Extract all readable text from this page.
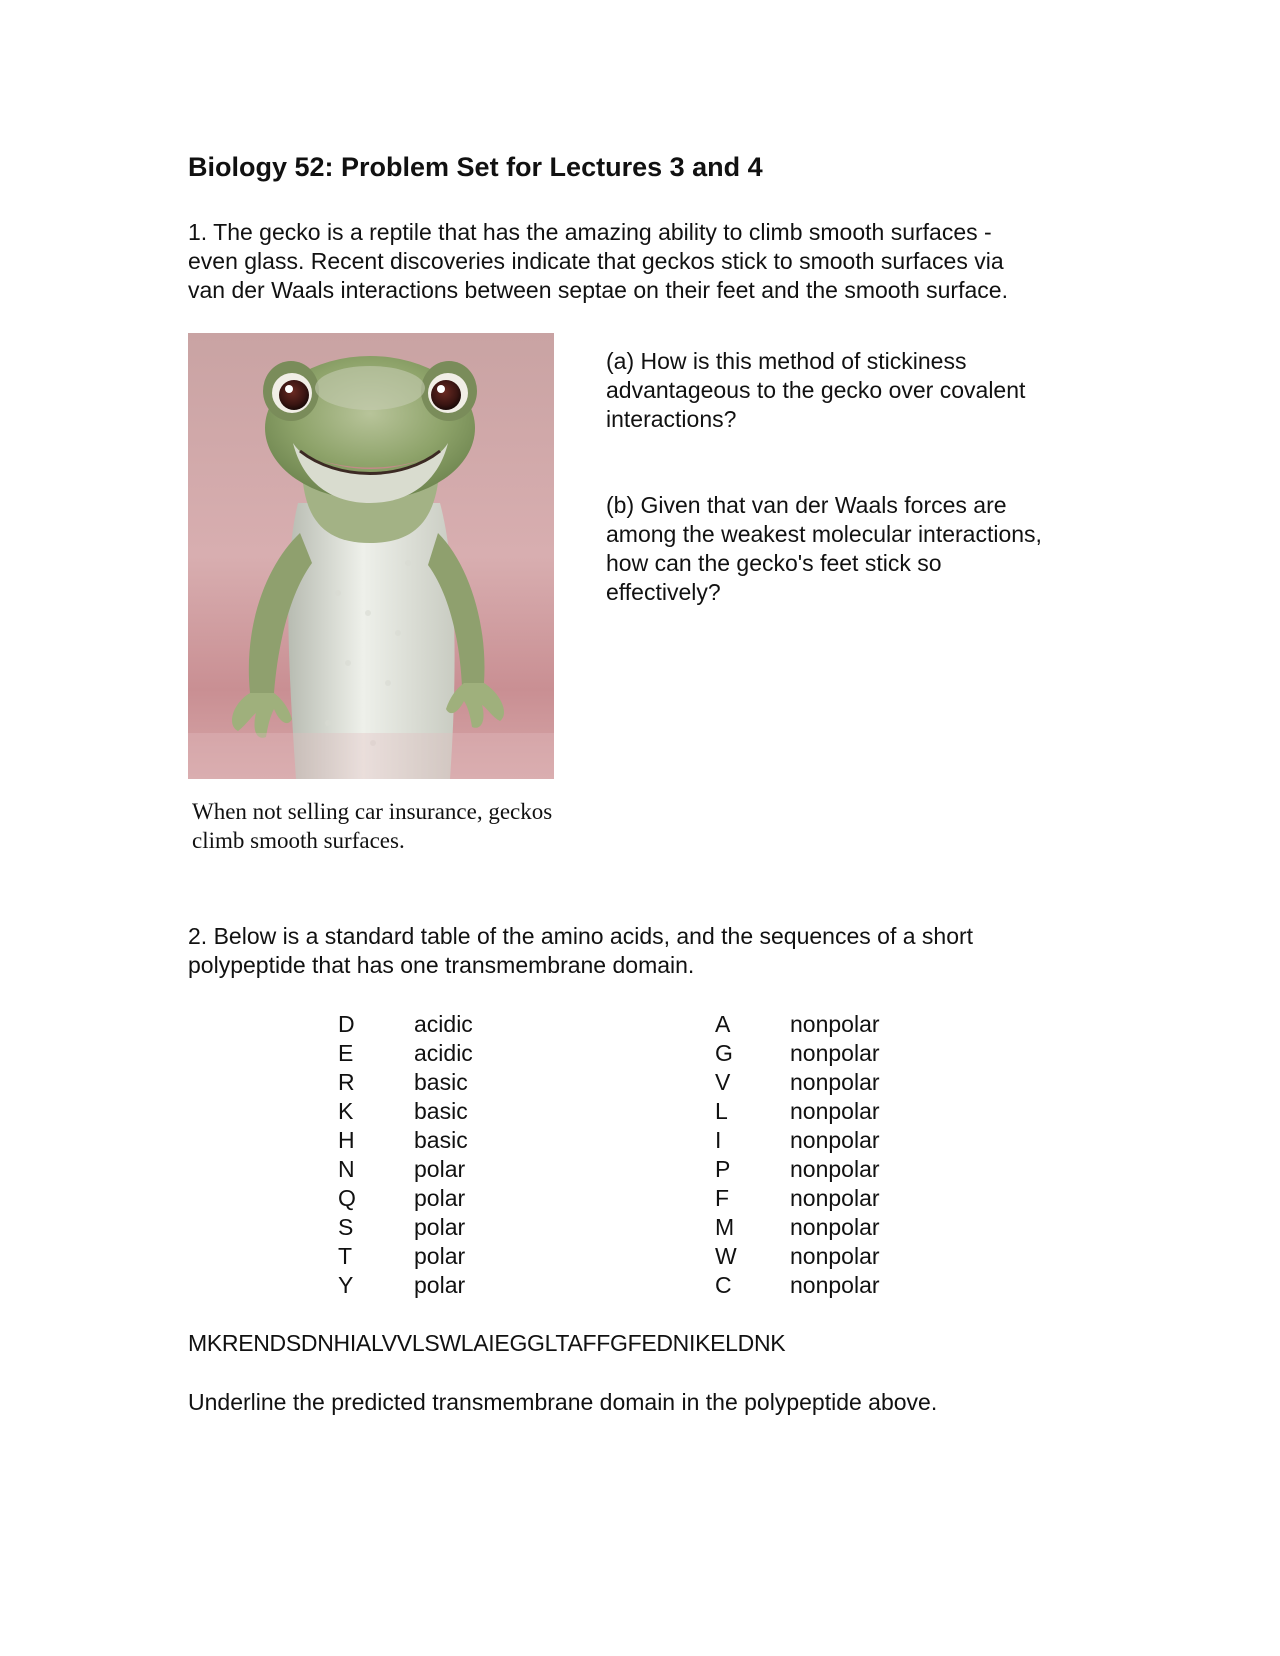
Biology 52: Problem Set for Lectures 3 and 4
1. The gecko is a reptile that has the amazing ability to climb smooth surfaces -
even glass. Recent discoveries indicate that geckos stick to smooth surfaces via
van der Waals interactions between septae on their feet and the smooth surface.
When not selling car insurance, geckos
climb smooth surfaces.
(a) How is this method of stickiness
advantageous to the gecko over covalent
interactions?
(b) Given that van der Waals forces are
among the weakest molecular interactions,
how can the gecko's feet stick so
effectively?
2. Below is a standard table of the amino acids, and the sequences of a short
polypeptide that has one transmembrane domain.
D	acidic	A	nonpolar
E	acidic	G nonpolar
R	basic	V	nonpolar
K	basic	L	nonpolar
H	basic	I	nonpolar
N	polar	P	nonpolar
Q	polar	F	nonpolar
S	polar	M nonpolar
T	polar	W nonpolar
Y	polar	C	nonpolar
MKRENDSDNHIALVVLSWLAIEGGLTAFFGFEDNIKELDNK
Underline the predicted transmembrane domain in the polypeptide above.
